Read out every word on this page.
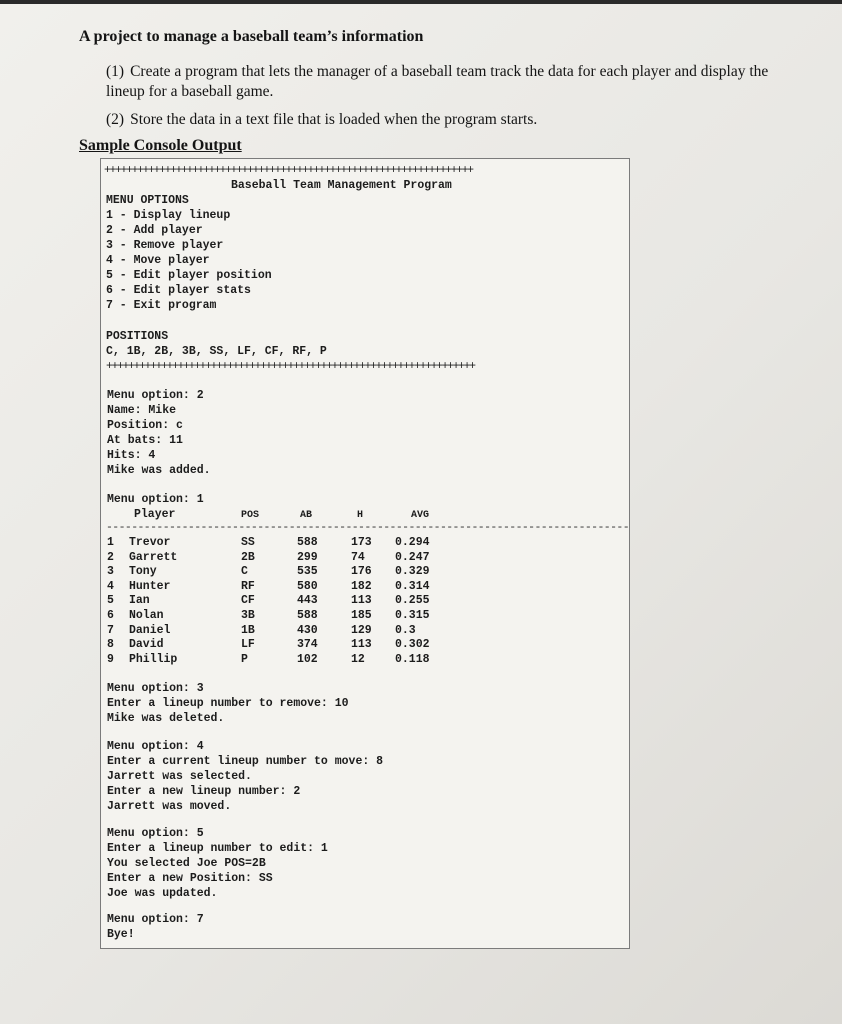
A project to manage a baseball team’s information
(1) Create a program that lets the manager of a baseball team track the data for each player and display the lineup for a baseball game.
(2) Store the data in a text file that is loaded when the program starts.
Sample Console Output
+++++++++++++++++++++++++++++++++++++++++++++++++++++++++++++++++++
Baseball Team Management Program
MENU OPTIONS
1 - Display lineup
2 - Add player
3 - Remove player
4 - Move player
5 - Edit player position
6 - Edit player stats
7 - Exit program
POSITIONS
C, 1B, 2B, 3B, SS, LF, CF, RF, P
+++++++++++++++++++++++++++++++++++++++++++++++++++++++++++++++++++
Menu option: 2
Name: Mike
Position: c
At bats: 11
Hits: 4
Mike was added.
Menu option: 1
Player	POS	AB	H	AVG
-----------------------------------------------------------------------------------
1	Trevor	SS	588	173	0.294
2	Garrett	2B	299	74	0.247
3	Tony	C	535	176	0.329
4	Hunter	RF	580	182	0.314
5	Ian	CF	443	113	0.255
6	Nolan	3B	588	185	0.315
7	Daniel	1B	430	129	0.3
8	David	LF	374	113	0.302
9	Phillip	P	102	12	0.118
Menu option: 3
Enter a lineup number to remove: 10
Mike was deleted.
Menu option: 4
Enter a current lineup number to move: 8
Jarrett was selected.
Enter a new lineup number: 2
Jarrett was moved.
Menu option: 5
Enter a lineup number to edit: 1
You selected Joe POS=2B
Enter a new Position: SS
Joe was updated.
Menu option: 7
Bye!
